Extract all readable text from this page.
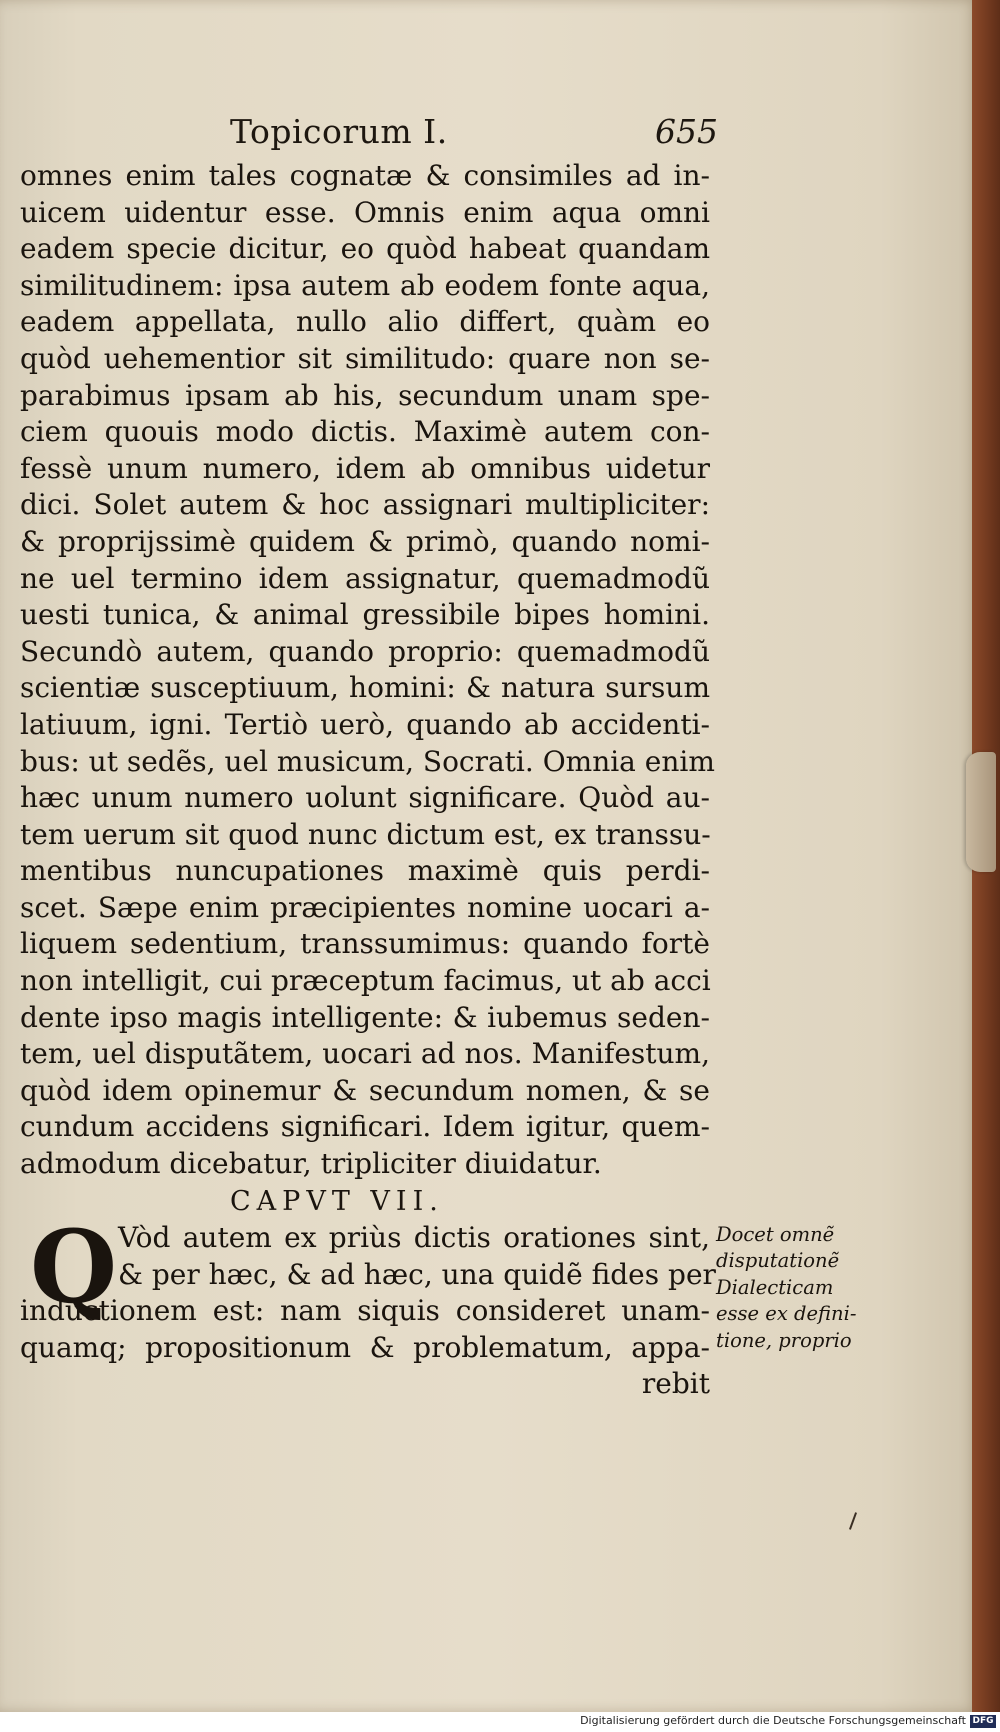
Topicorum I.	655
omnes enim tales cognatæ & consimiles ad in-
uicem uidentur esse. Omnis enim aqua omni
eadem specie dicitur, eo quòd habeat quandam
similitudinem: ipsa autem ab eodem fonte aqua,
eadem appellata, nullo alio differt, quàm eo
quòd uehementior sit similitudo: quare non se-
parabimus ipsam ab his, secundum unam spe-
ciem quouis modo dictis. Maximè autem con-
fessè unum numero, idem ab omnibus uidetur
dici. Solet autem & hoc assignari multipliciter:
& proprijssimè quidem & primò, quando nomi-
ne uel termino idem assignatur, quemadmodũ
uesti tunica, & animal gressibile bipes homini.
Secundò autem, quando proprio: quemadmodũ
scientiæ susceptiuum, homini: & natura sursum
latiuum, igni. Tertiò uerò, quando ab accidenti-
bus: ut sedẽs, uel musicum, Socrati. Omnia enim
hæc unum numero uolunt significare. Quòd au-
tem uerum sit quod nunc dictum est, ex transsu-
mentibus nuncupationes maximè quis perdi-
scet. Sæpe enim præcipientes nomine uocari a-
liquem sedentium, transsumimus: quando fortè
non intelligit, cui præceptum facimus, ut ab acci
dente ipso magis intelligente: & iubemus seden-
tem, uel disputãtem, uocari ad nos. Manifestum,
quòd idem opinemur & secundum nomen, & se
cundum accidens significari. Idem igitur, quem-
admodum dicebatur, tripliciter diuidatur.
CAPVT VII.
Q Vòd autem ex priùs dictis orationes sint,
& per hæc, & ad hæc, una quidẽ fides per
inductionem est: nam siquis consideret unam-
quamq; propositionum & problematum, appa-
rebit
Docet omnẽ
disputationẽ
Dialecticam
esse ex defini-
tione, proprio
Digitalisierung gefördert durch die Deutsche Forschungsgemeinschaft DFG
